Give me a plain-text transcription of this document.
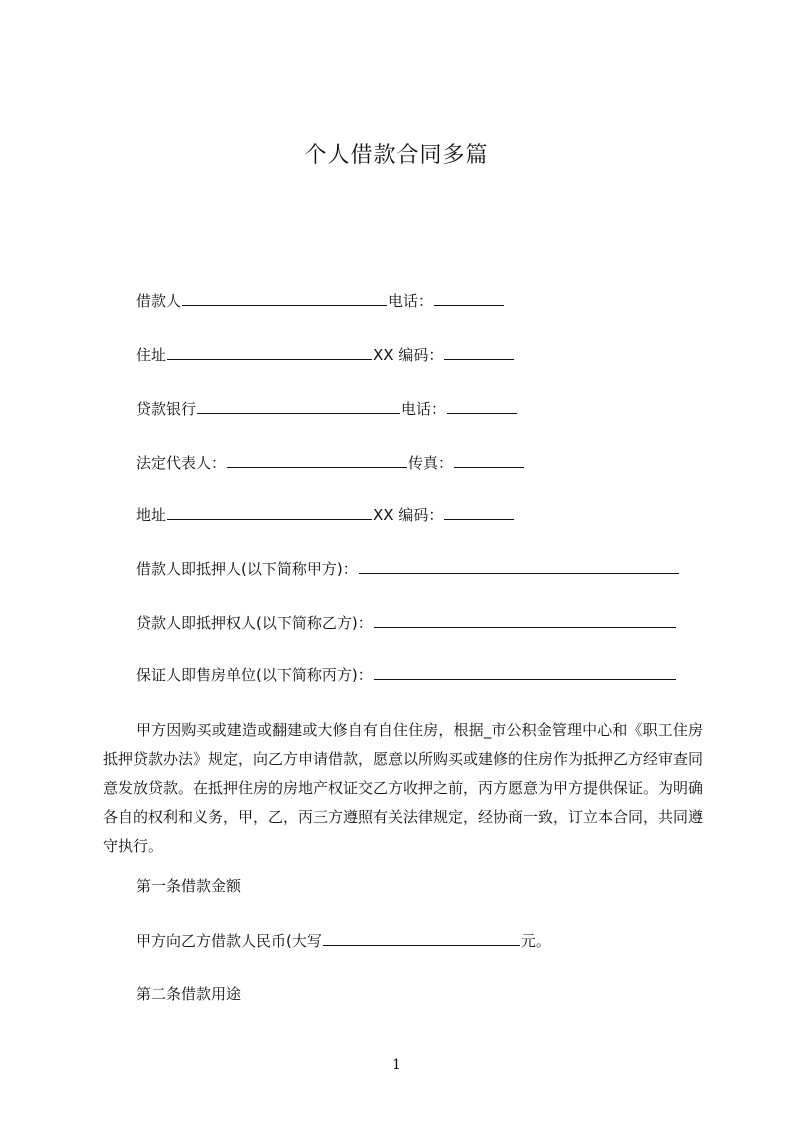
个人借款合同多篇
借款人	电话：
住址	XX 编码：
贷款银行	电话：
法定代表人：	传真：
地址	XX 编码：
借款人即抵押人(以下简称甲方)：
贷款人即抵押权人(以下简称乙方)：
保证人即售房单位(以下简称丙方)：
甲方因购买或建造或翻建或大修自有自住住房，根据_市公积金管理中心和《职工住房抵押贷款办法》规定，向乙方申请借款，愿意以所购买或建修的住房作为抵押乙方经审查同意发放贷款。在抵押住房的房地产权证交乙方收押之前，丙方愿意为甲方提供保证。为明确各自的权利和义务，甲，乙，丙三方遵照有关法律规定，经协商一致，订立本合同，共同遵守执行。
第一条借款金额
甲方向乙方借款人民币(大写	元。
第二条借款用途
1
